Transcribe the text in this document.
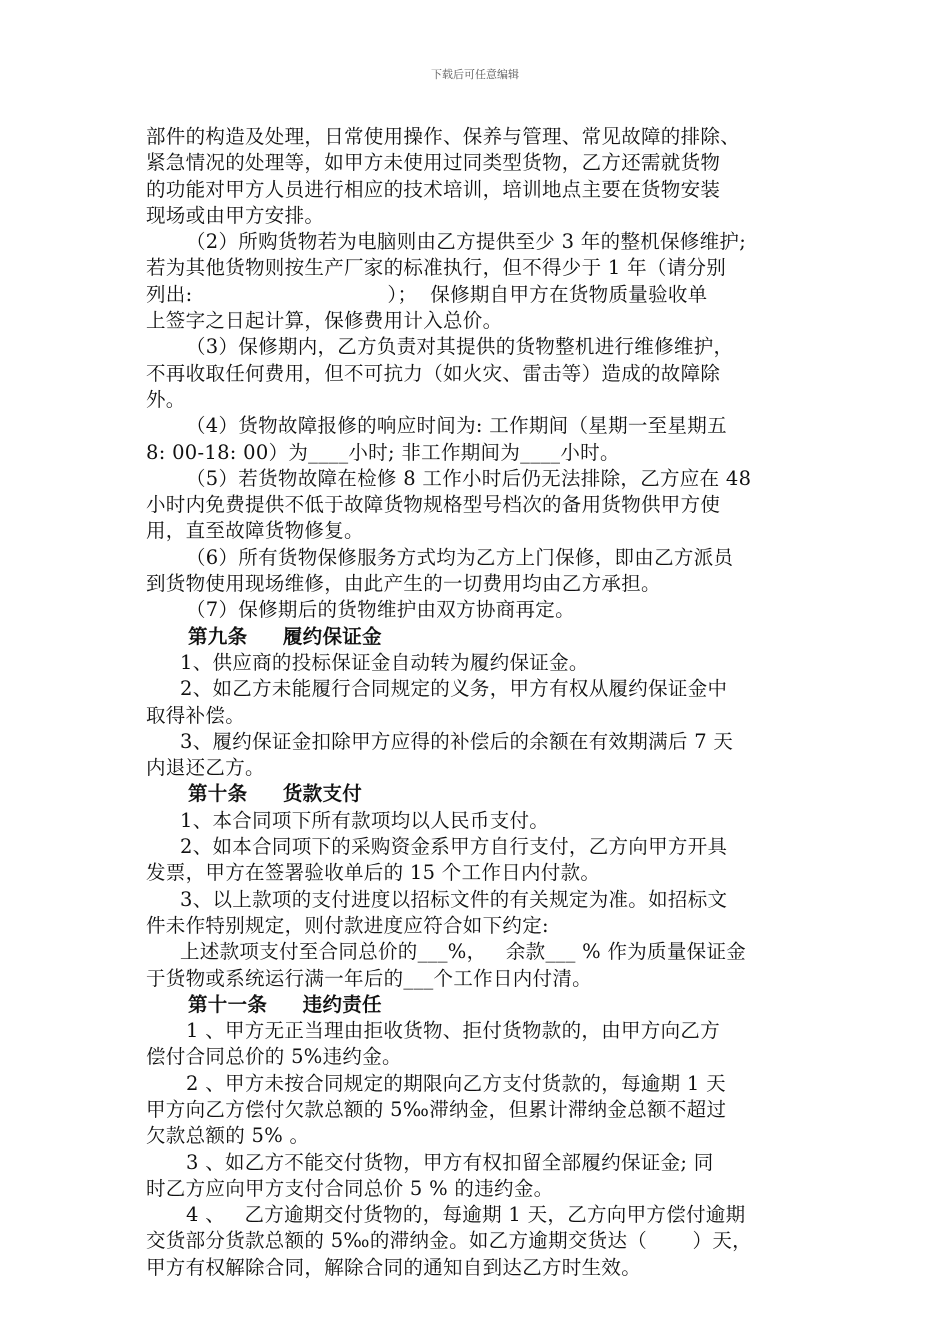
下载后可任意编辑
部件的构造及处理，日常使用操作、保养与管理、常见故障的排除、
紧急情况的处理等，如甲方未使用过同类型货物，乙方还需就货物
的功能对甲方人员进行相应的技术培训，培训地点主要在货物安装
现场或由甲方安排。
（2）所购货物若为电脑则由乙方提供至少 3 年的整机保修维护;
若为其他货物则按生产厂家的标准执行，但不得少于 1 年（请分别
列出:                              ）；  保修期自甲方在货物质量验收单
上签字之日起计算，保修费用计入总价。
（3）保修期内，乙方负责对其提供的货物整机进行维修维护，
不再收取任何费用，但不可抗力（如火灾、雷击等）造成的故障除
外。
（4）货物故障报修的响应时间为: 工作期间（星期一至星期五
8: 00-18: 00）为____小时; 非工作期间为____小时。
（5）若货物故障在检修 8 工作小时后仍无法排除，乙方应在 48
小时内免费提供不低于故障货物规格型号档次的备用货物供甲方使
用，直至故障货物修复。
（6）所有货物保修服务方式均为乙方上门保修，即由乙方派员
到货物使用现场维修，由此产生的一切费用均由乙方承担。
（7）保修期后的货物维护由双方协商再定。
第九条     履约保证金
1、供应商的投标保证金自动转为履约保证金。
2、如乙方未能履行合同规定的义务，甲方有权从履约保证金中
取得补偿。
3、履约保证金扣除甲方应得的补偿后的余额在有效期满后 7 天
内退还乙方。
第十条     货款支付
1、本合同项下所有款项均以人民币支付。
2、如本合同项下的采购资金系甲方自行支付，乙方向甲方开具
发票，甲方在签署验收单后的 15 个工作日内付款。
3、以上款项的支付进度以招标文件的有关规定为准。如招标文
件未作特别规定，则付款进度应符合如下约定:
上述款项支付至合同总价的___%，   余款___ % 作为质量保证金
于货物或系统运行满一年后的___个工作日内付清。
第十一条     违约责任
1 、甲方无正当理由拒收货物、拒付货物款的，由甲方向乙方
偿付合同总价的 5%违约金。
2 、甲方未按合同规定的期限向乙方支付货款的，每逾期 1 天
甲方向乙方偿付欠款总额的 5‰滞纳金，但累计滞纳金总额不超过
欠款总额的 5% 。
3 、如乙方不能交付货物，甲方有权扣留全部履约保证金; 同
时乙方应向甲方支付合同总价 5 % 的违约金。
4 、   乙方逾期交付货物的，每逾期 1 天，乙方向甲方偿付逾期
交货部分货款总额的 5‰的滞纳金。如乙方逾期交货达（       ）天，
甲方有权解除合同，解除合同的通知自到达乙方时生效。
